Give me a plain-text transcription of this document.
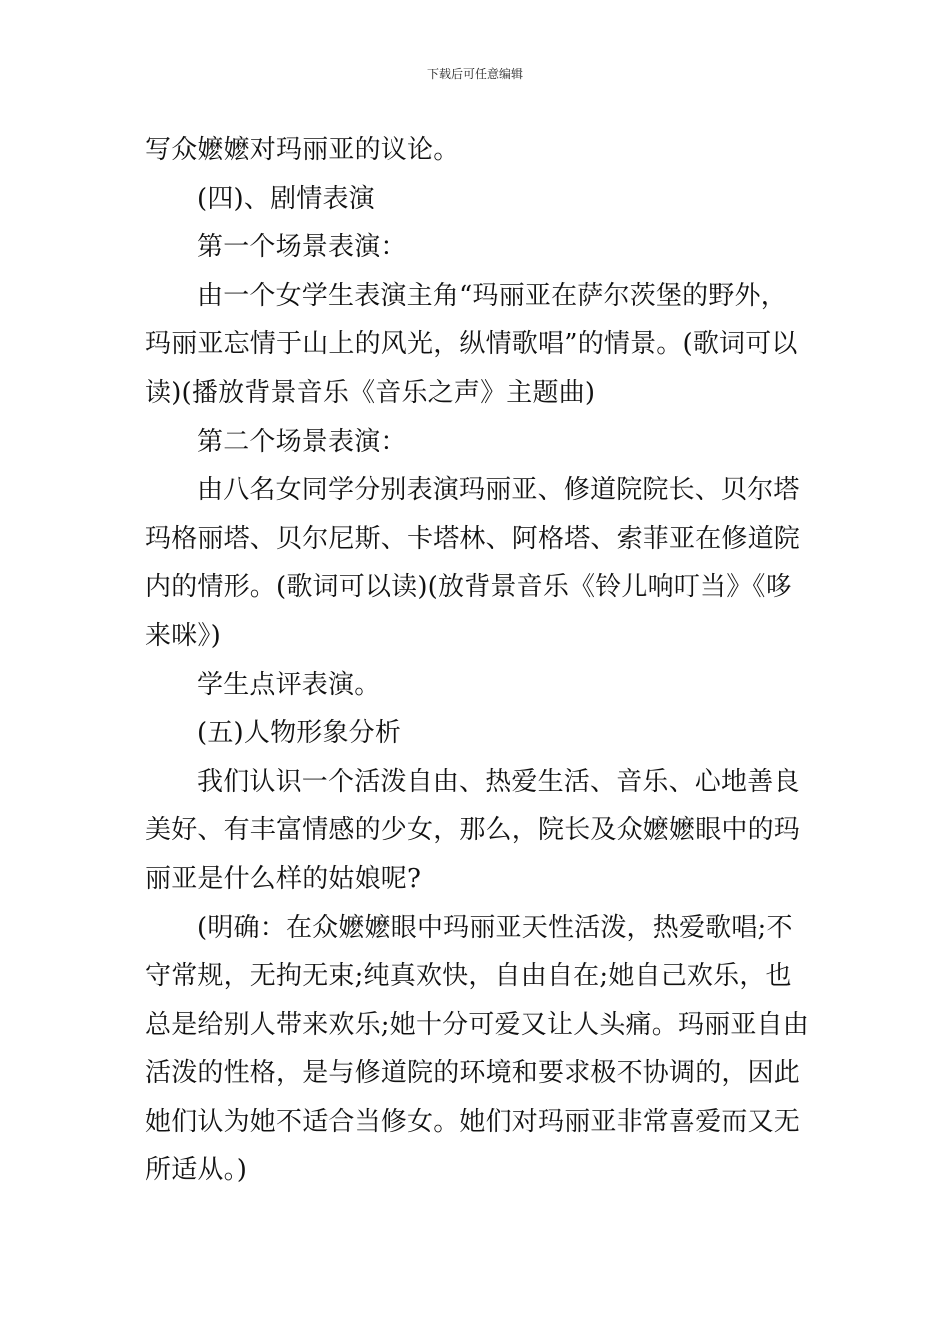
下载后可任意编辑
写众嬷嬷对玛丽亚的议论。
(四)、剧情表演
第一个场景表演：
由一个女学生表演主角“玛丽亚在萨尔茨堡的野外，
玛丽亚忘情于山上的风光，纵情歌唱”的情景。(歌词可以
读)(播放背景音乐《音乐之声》主题曲)
第二个场景表演：
由八名女同学分别表演玛丽亚、修道院院长、贝尔塔
玛格丽塔、贝尔尼斯、卡塔林、阿格塔、索菲亚在修道院
内的情形。(歌词可以读)(放背景音乐《铃儿响叮当》《哆
来咪》)
学生点评表演。
(五)人物形象分析
我们认识一个活泼自由、热爱生活、音乐、心地善良
美好、有丰富情感的少女，那么，院长及众嬷嬷眼中的玛
丽亚是什么样的姑娘呢?
(明确：在众嬷嬷眼中玛丽亚天性活泼，热爱歌唱;不
守常规，无拘无束;纯真欢快，自由自在;她自己欢乐，也
总是给别人带来欢乐;她十分可爱又让人头痛。玛丽亚自由
活泼的性格，是与修道院的环境和要求极不协调的，因此
她们认为她不适合当修女。她们对玛丽亚非常喜爱而又无
所适从。)
